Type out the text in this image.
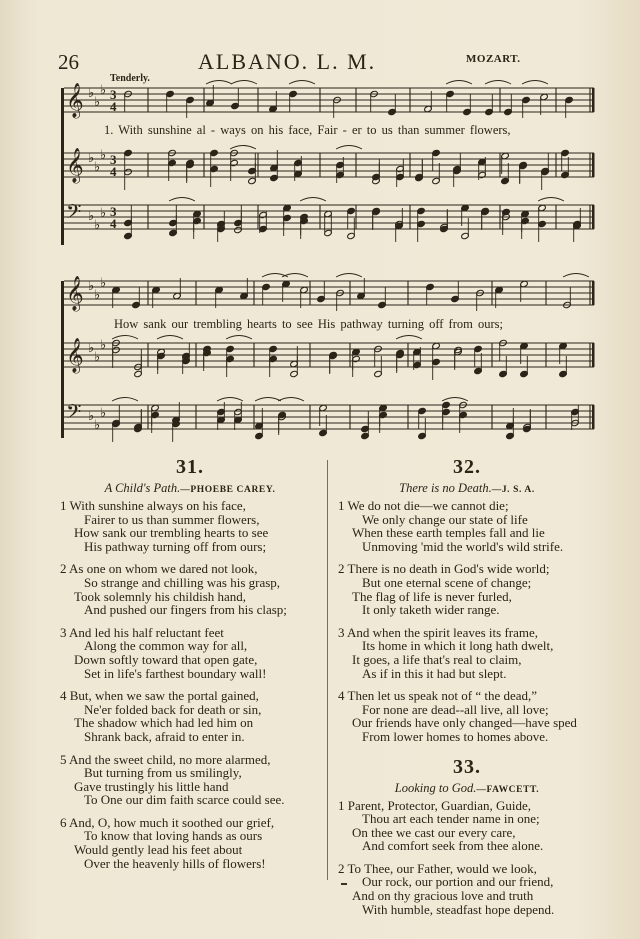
26	ALBANO. L. M.	MOZART.
Tenderly.
𝄞 ♭
♭
♭ 3
4
𝄞 ♭
♭
♭ 3
4
𝄢 ♭
♭
♭ 3
4
𝄞 ♭
♭
♭
𝄞 ♭
♭
♭
𝄢 ♭
♭
♭
1. With sunshine al - ways on his face, Fair - er to us than summer flowers,
How sank our trembling hearts to see His pathway turning off from ours;
31.
A Child's Path.—PHOEBE CAREY.
1 With sunshine always on his face,
Fairer to us than summer flowers,
How sank our trembling hearts to see
His pathway turning off from ours;
2 As one on whom we dared not look,
So strange and chilling was his grasp,
Took solemnly his childish hand,
And pushed our fingers from his clasp;
3 And led his half reluctant feet
Along the common way for all,
Down softly toward that open gate,
Set in life's farthest boundary wall!
4 But, when we saw the portal gained,
Ne'er folded back for death or sin,
The shadow which had led him on
Shrank back, afraid to enter in.
5 And the sweet child, no more alarmed,
But turning from us smilingly,
Gave trustingly his little hand
To One our dim faith scarce could see.
6 And, O, how much it soothed our grief,
To know that loving hands as ours
Would gently lead his feet about
Over the heavenly hills of flowers!
32.
There is no Death.—J. S. A.
1 We do not die—we cannot die;
We only change our state of life
When these earth temples fall and lie
Unmoving 'mid the world's wild strife.
2 There is no death in God's wide world;
But one eternal scene of change;
The flag of life is never furled,
It only taketh wider range.
3 And when the spirit leaves its frame,
Its home in which it long hath dwelt,
It goes, a life that's real to claim,
As if in this it had but slept.
4 Then let us speak not of “ the dead,”
For none are dead--all live, all love;
Our friends have only changed—have sped
From lower homes to homes above.
33.
Looking to God.—FAWCETT.
1 Parent, Protector, Guardian, Guide,
Thou art each tender name in one;
On thee we cast our every care,
And comfort seek from thee alone.
2 To Thee, our Father, would we look,
Our rock, our portion and our friend,
And on thy gracious love and truth
With humble, steadfast hope depend.
